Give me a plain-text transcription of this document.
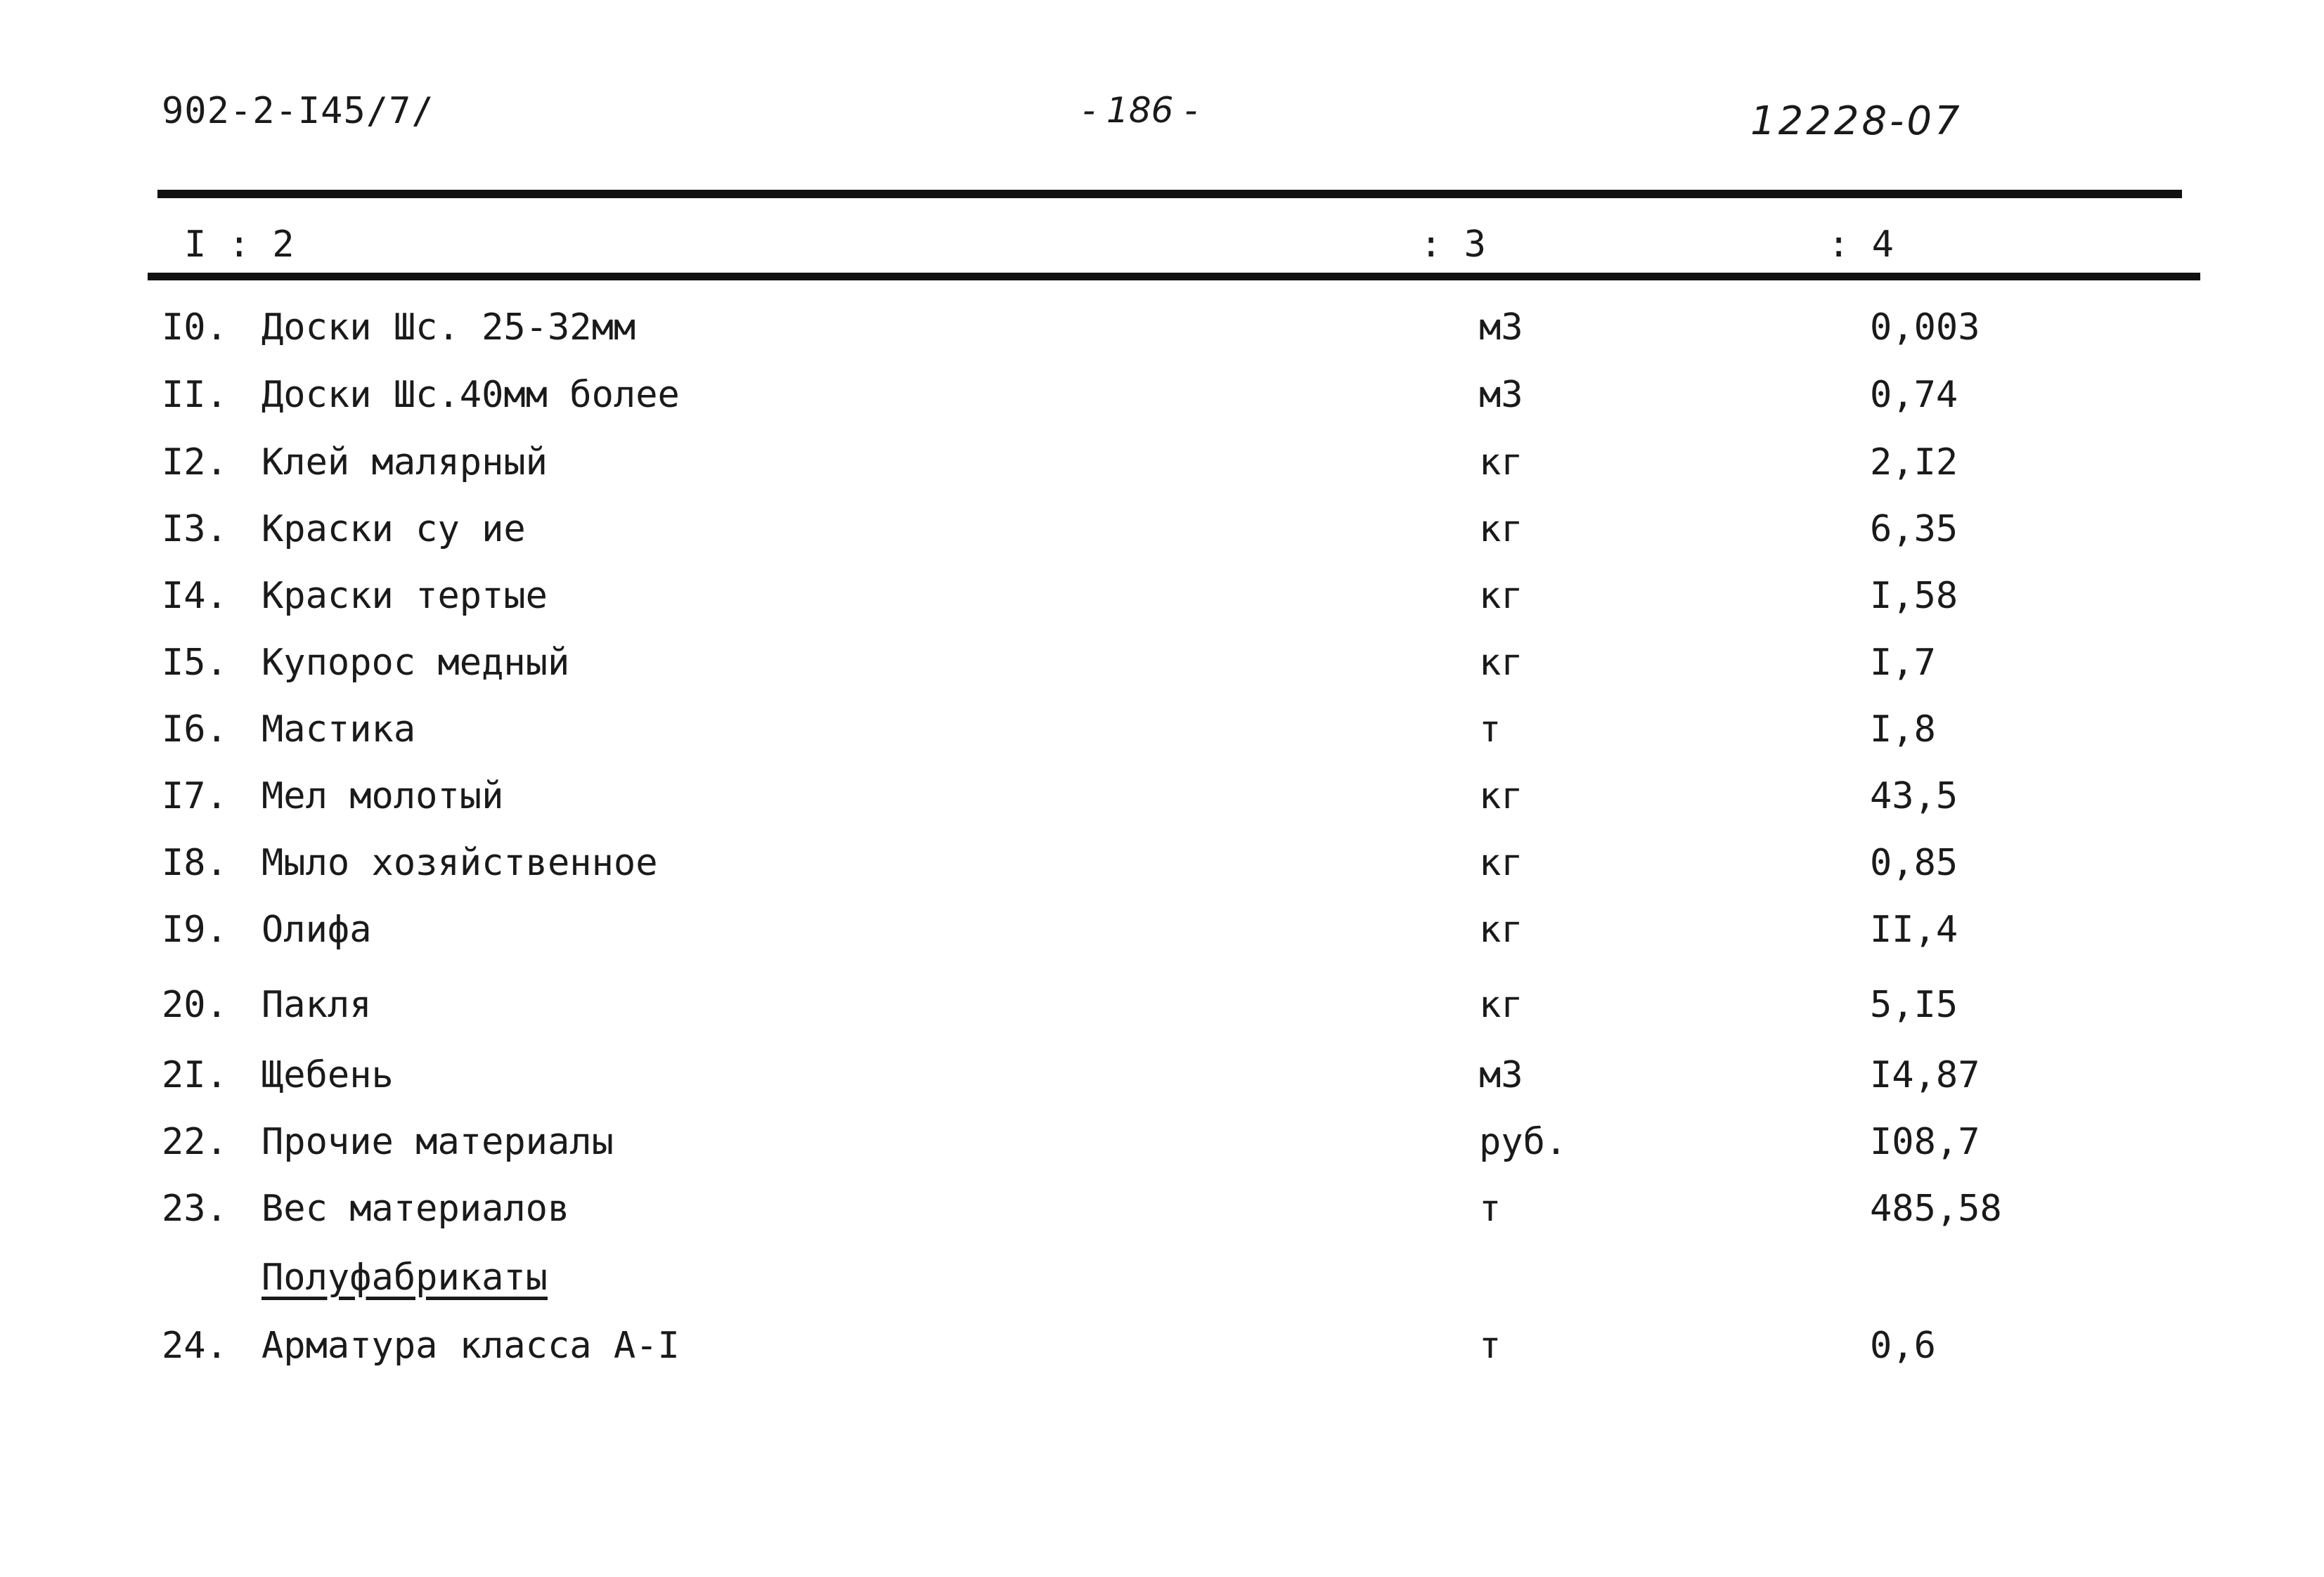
902-2-I45/7/	- 186 -	12228-07
I : 2	: 3	: 4
I0. Доски Шс. 25-32мм	м3	0,003
II. Доски Шс.40мм более	м3	0,74
I2. Клей малярный	кг	2,I2
I3. Краски су ие	кг	6,35
I4. Краски тертые	кг	I,58
I5. Купорос медный	кг	I,7
I6. Мастика	т	I,8
I7. Мел молотый	кг	43,5
I8. Мыло хозяйственное	кг	0,85
I9. Олифа	кг	II,4
20. Пакля	кг	5,I5
2I. Щебень	м3	I4,87
22. Прочие материалы	руб.	I08,7
23. Вес материалов	т	485,58
Полуфабрикаты
24. Арматура класса А-I	т	0,6
